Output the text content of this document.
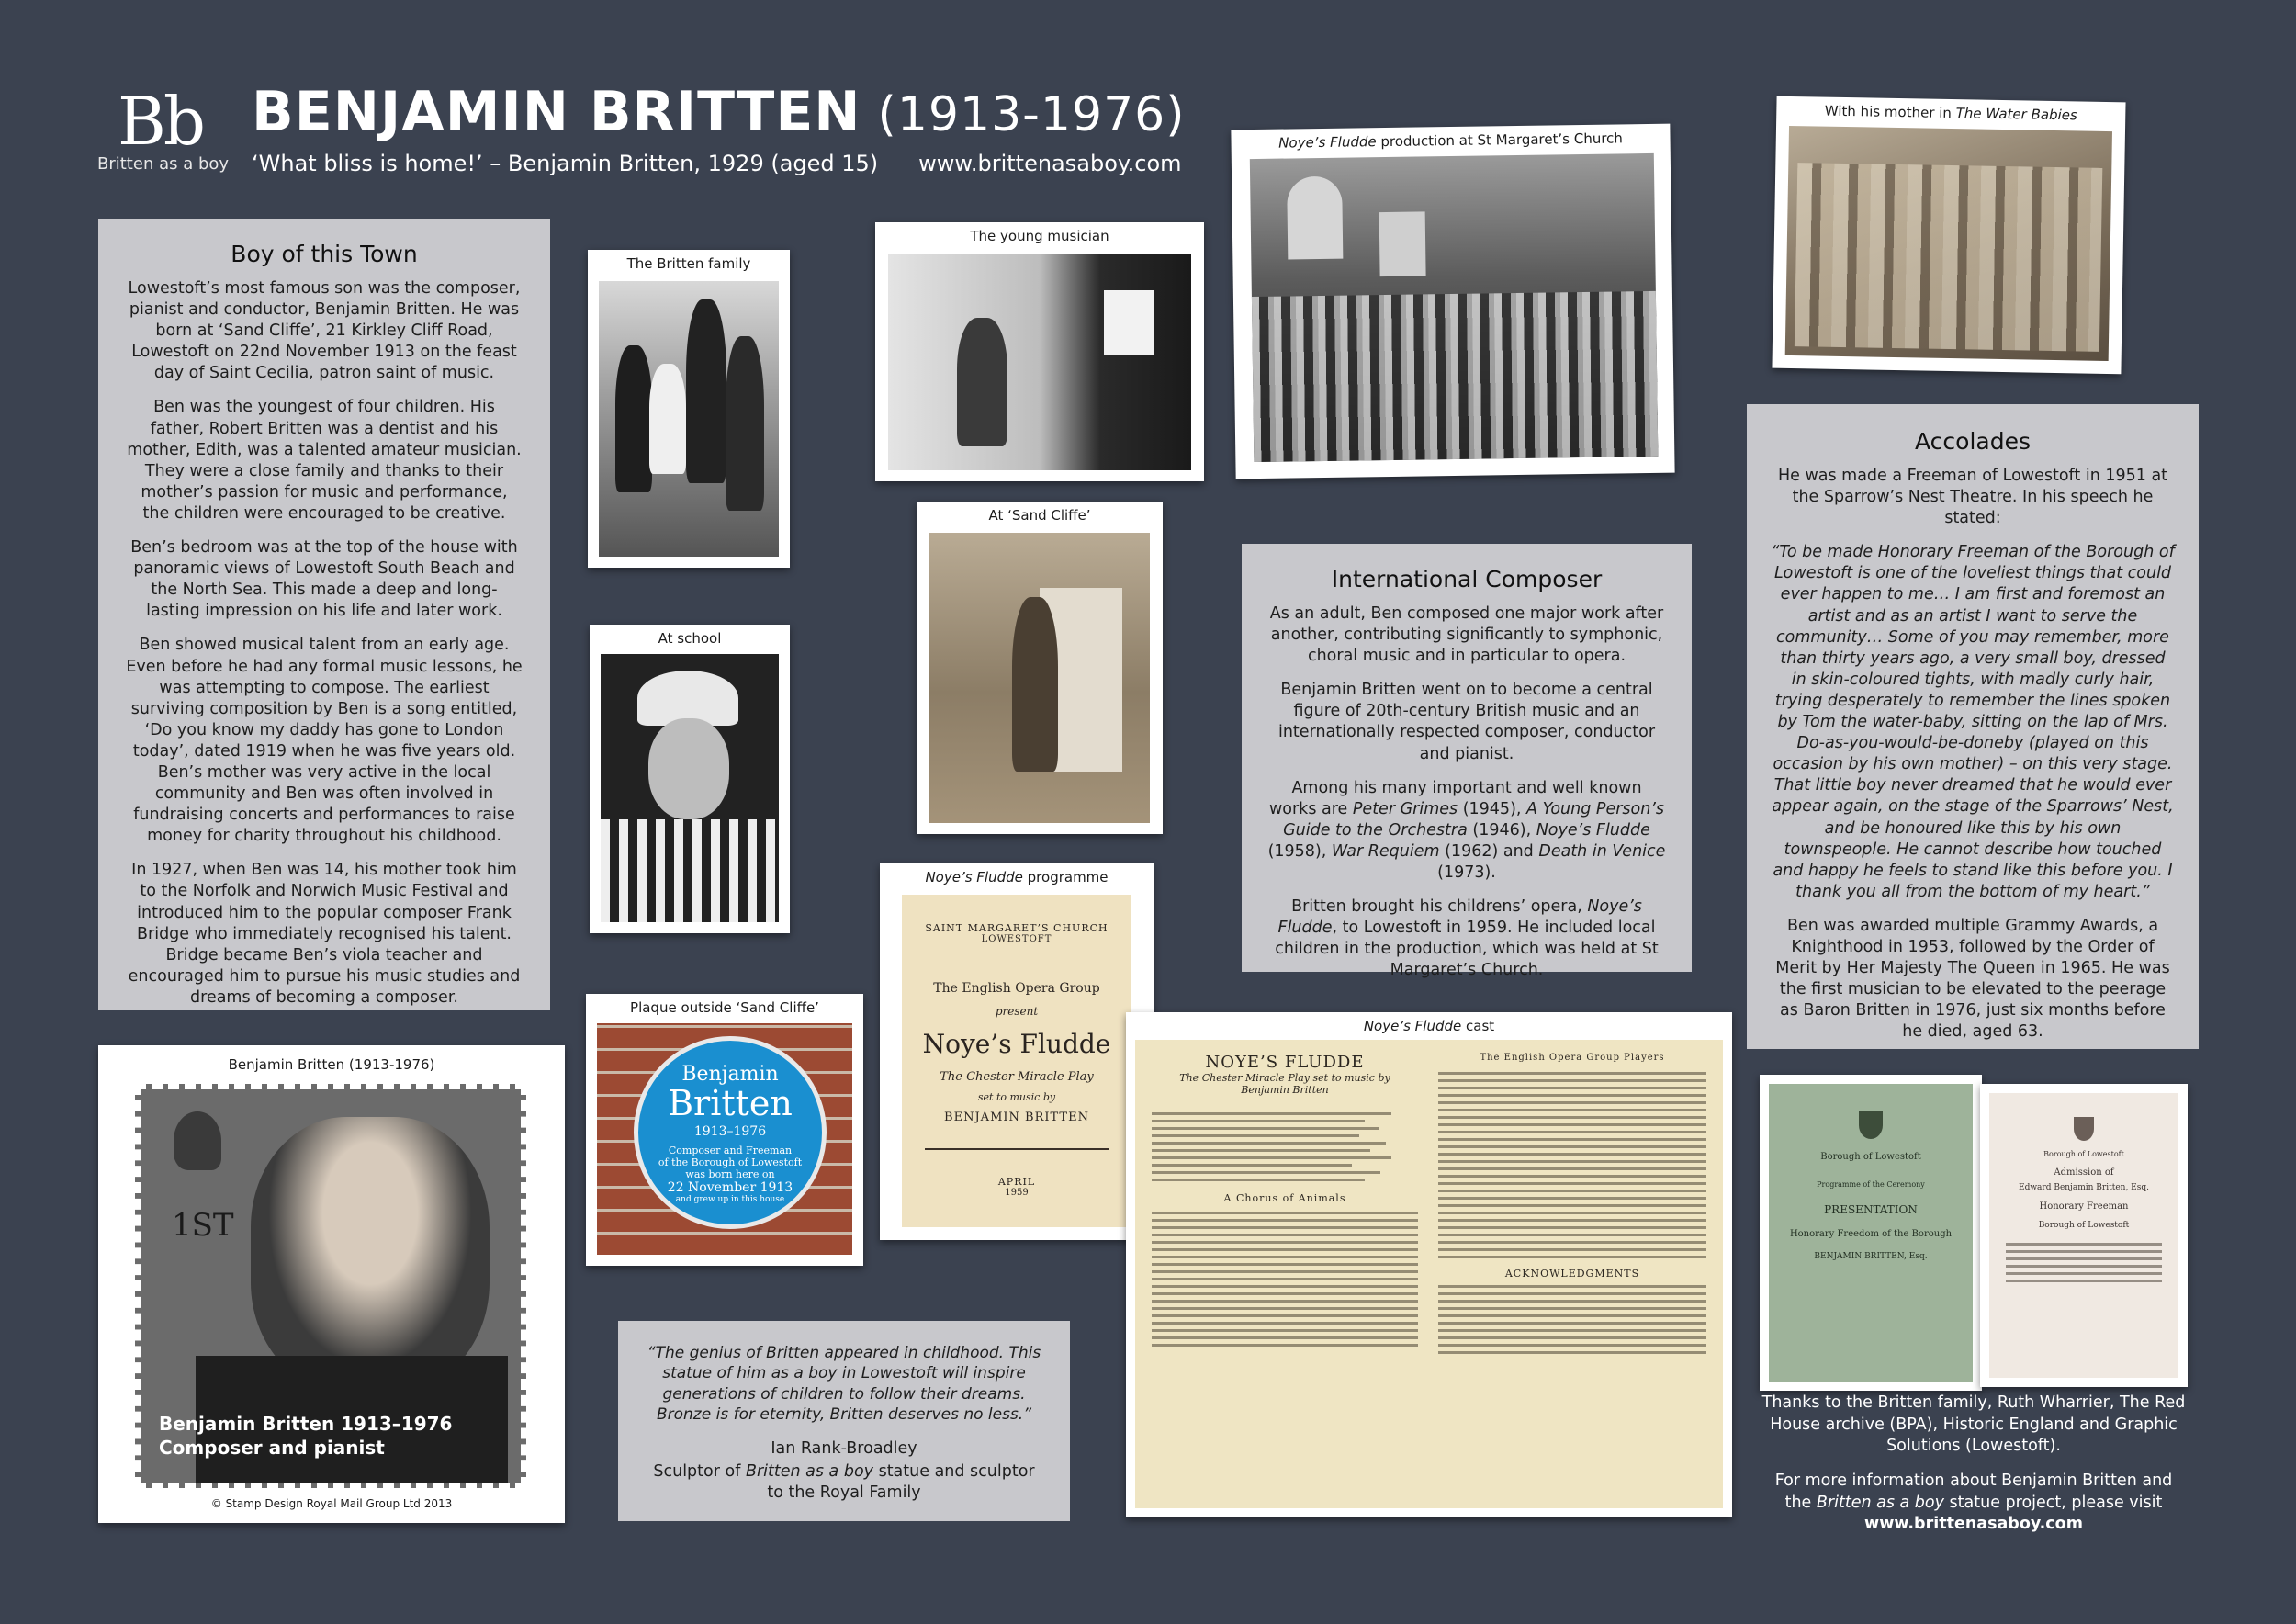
Bb
Britten as a boy
BENJAMIN BRITTEN (1913-1976)
‘What bliss is home!’ – Benjamin Britten, 1929 (aged 15) www.brittenasaboy.com
Boy of this Town

Lowestoft’s most famous son was the composer, pianist and conductor, Benjamin Britten. He was born at ‘Sand Cliffe’, 21 Kirkley Cliff Road, Lowestoft on 22nd November 1913 on the feast day of Saint Cecilia, patron saint of music.

Ben was the youngest of four children. His father, Robert Britten was a dentist and his mother, Edith, was a talented amateur musician. They were a close family and thanks to their mother’s passion for music and performance, the children were encouraged to be creative.

Ben’s bedroom was at the top of the house with panoramic views of Lowestoft South Beach and the North Sea. This made a deep and long-lasting impression on his life and later work.

Ben showed musical talent from an early age. Even before he had any formal music lessons, he was attempting to compose. The earliest surviving composition by Ben is a song entitled, ‘Do you know my daddy has gone to London today’, dated 1919 when he was five years old. Ben’s mother was very active in the local community and Ben was often involved in fundraising concerts and performances to raise money for charity throughout his childhood.

In 1927, when Ben was 14, his mother took him to the Norfolk and Norwich Music Festival and introduced him to the popular composer Frank Bridge who immediately recognised his talent. Bridge became Ben’s viola teacher and encouraged him to pursue his music studies and dreams of becoming a composer.

The Britten family
The young musician
Noye’s Fludde production at St Margaret’s Church
With his mother in The Water Babies
At school
At ‘Sand Cliffe’
Plaque outside ‘Sand Cliffe’
Benjamin
Britten
1913–1976
Composer and Freeman
of the Borough of Lowestoft
was born here on
22 November 1913
and grew up in this house
Noye’s Fludde programme
SAINT MARGARET’S CHURCH
LOWESTOFT
The English Opera Group
present
Noye’s Fludde
The Chester Miracle Play
set to music by
BENJAMIN BRITTEN
APRIL
1959
Benjamin Britten (1913-1976)
1ST
Benjamin Britten 1913–1976
Composer and pianist
© Stamp Design Royal Mail Group Ltd 2013

“The genius of Britten appeared in childhood. This statue of him as a boy in Lowestoft will inspire generations of children to follow their dreams. Bronze is for eternity, Britten deserves no less.”

Ian Rank-Broadley

Sculptor of Britten as a boy statue and sculptor to the Royal Family

International Composer

As an adult, Ben composed one major work after another, contributing significantly to symphonic, choral music and in particular to opera.

Benjamin Britten went on to become a central figure of 20th-century British music and an internationally respected composer, conductor and pianist.

Among his many important and well known works are Peter Grimes (1945), A Young Person’s Guide to the Orchestra (1946), Noye’s Fludde (1958), War Requiem (1962) and Death in Venice (1973).

Britten brought his childrens’ opera, Noye’s Fludde, to Lowestoft in 1959. He included local children in the production, which was held at St Margaret’s Church.

Noye’s Fludde cast
NOYE’S FLUDDE
The Chester Miracle Play set to music by
Benjamin Britten
A Chorus of Animals
The English Opera Group Players
ACKNOWLEDGMENTS
Accolades

He was made a Freeman of Lowestoft in 1951 at the Sparrow’s Nest Theatre. In his speech he stated:

“To be made Honorary Freeman of the Borough of Lowestoft is one of the loveliest things that could ever happen to me… I am first and foremost an artist and as an artist I want to serve the community… Some of you may remember, more than thirty years ago, a very small boy, dressed in skin-coloured tights, with madly curly hair, trying desperately to remember the lines spoken by Tom the water-baby, sitting on the lap of Mrs. Do-as-you-would-be-doneby (played on this occasion by his own mother) – on this very stage. That little boy never dreamed that he would ever appear again, on the stage of the Sparrows’ Nest, and be honoured like this by his own townspeople. He cannot describe how touched and happy he feels to stand like this before you. I thank you all from the bottom of my heart.”

Ben was awarded multiple Grammy Awards, a Knighthood in 1953, followed by the Order of Merit by Her Majesty The Queen in 1965. He was the first musician to be elevated to the peerage as Baron Britten in 1976, just six months before he died, aged 63.

Borough of Lowestoft
Programme of the Ceremony
PRESENTATION
Honorary Freedom of the Borough
BENJAMIN BRITTEN, Esq.
Borough of Lowestoft
Admission of
Edward Benjamin Britten, Esq.
Honorary Freeman
Borough of Lowestoft

Thanks to the Britten family, Ruth Wharrier, The Red House archive (BPA), Historic England and Graphic Solutions (Lowestoft).

For more information about Benjamin Britten and the Britten as a boy statue project, please visit www.brittenasaboy.com
